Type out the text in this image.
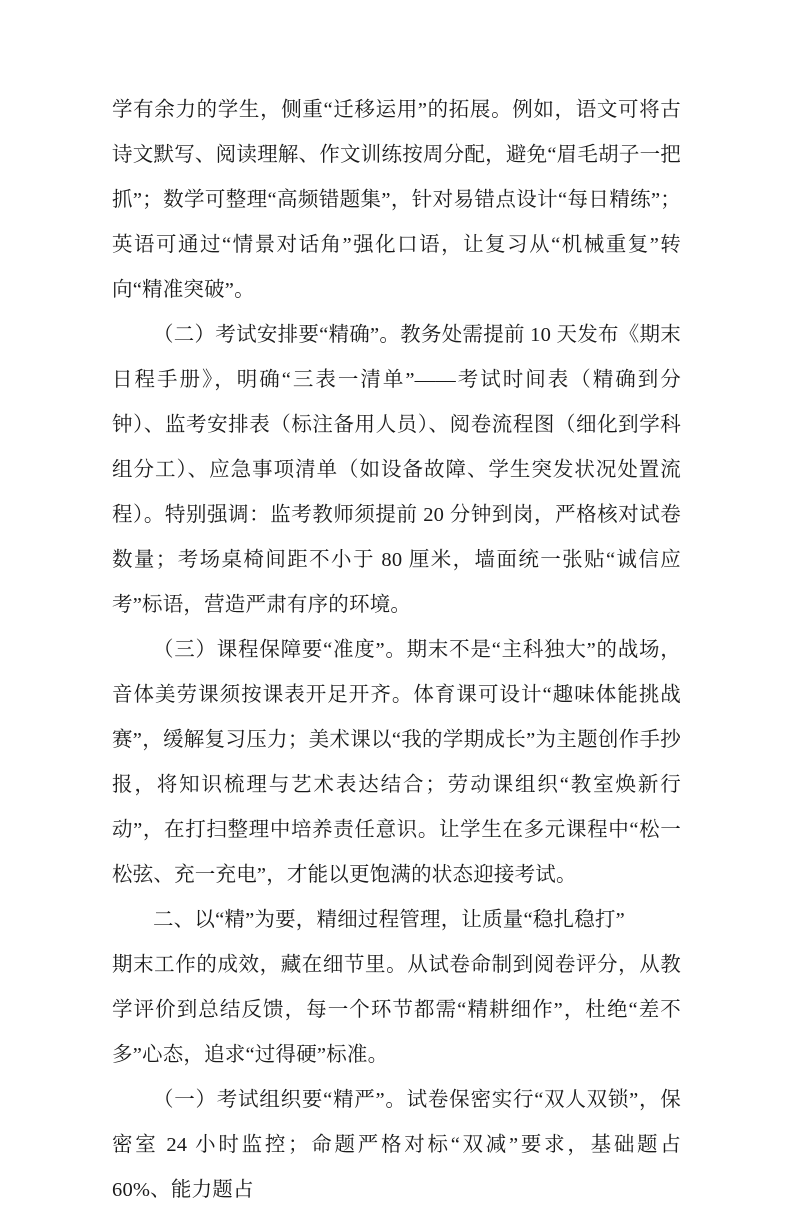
学有余力的学生，侧重“迁移运用”的拓展。例如，语文可将古诗文默写、阅读理解、作文训练按周分配，避免“眉毛胡子一把抓”；数学可整理“高频错题集”，针对易错点设计“每日精练”；英语可通过“情景对话角”强化口语，让复习从“机械重复”转向“精准突破”。

（二）考试安排要“精确”。教务处需提前 10 天发布《期末日程手册》，明确“三表一清单”——考试时间表（精确到分钟）、监考安排表（标注备用人员）、阅卷流程图（细化到学科组分工）、应急事项清单（如设备故障、学生突发状况处置流程）。特别强调：监考教师须提前 20 分钟到岗，严格核对试卷数量；考场桌椅间距不小于 80 厘米，墙面统一张贴“诚信应考”标语，营造严肃有序的环境。

（三）课程保障要“准度”。期末不是“主科独大”的战场，音体美劳课须按课表开足开齐。体育课可设计“趣味体能挑战赛”，缓解复习压力；美术课以“我的学期成长”为主题创作手抄报，将知识梳理与艺术表达结合；劳动课组织“教室焕新行动”，在打扫整理中培养责任意识。让学生在多元课程中“松一松弦、充一充电”，才能以更饱满的状态迎接考试。

二、以“精”为要，精细过程管理，让质量“稳扎稳打”

期末工作的成效，藏在细节里。从试卷命制到阅卷评分，从教学评价到总结反馈，每一个环节都需“精耕细作”，杜绝“差不多”心态，追求“过得硬”标准。

（一）考试组织要“精严”。试卷保密实行“双人双锁”，保密室 24 小时监控；命题严格对标“双减”要求，基础题占 60%、能力题占
